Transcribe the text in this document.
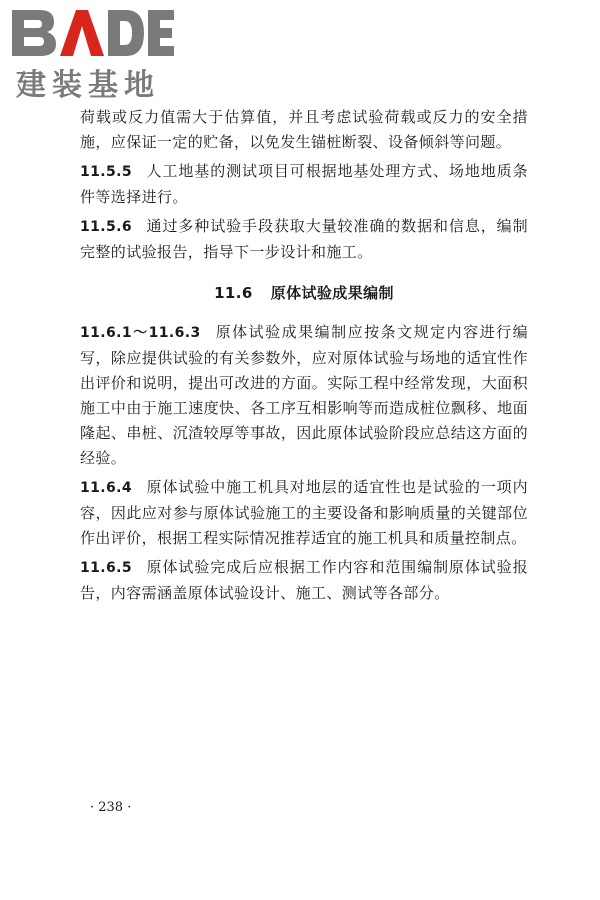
建装基地

荷载或反力值需大于估算值，并且考虑试验荷载或反力的安全措施，应保证一定的贮备，以免发生锚桩断裂、设备倾斜等问题。

11.5.5 人工地基的测试项目可根据地基处理方式、场地地质条件等选择进行。

11.5.6 通过多种试验手段获取大量较准确的数据和信息，编制完整的试验报告，指导下一步设计和施工。

11.6 原体试验成果编制

11.6.1～11.6.3 原体试验成果编制应按条文规定内容进行编写，除应提供试验的有关参数外，应对原体试验与场地的适宜性作出评价和说明，提出可改进的方面。实际工程中经常发现，大面积施工中由于施工速度快、各工序互相影响等而造成桩位飘移、地面隆起、串桩、沉渣较厚等事故，因此原体试验阶段应总结这方面的经验。

11.6.4 原体试验中施工机具对地层的适宜性也是试验的一项内容，因此应对参与原体试验施工的主要设备和影响质量的关键部位作出评价，根据工程实际情况推荐适宜的施工机具和质量控制点。

11.6.5 原体试验完成后应根据工作内容和范围编制原体试验报告，内容需涵盖原体试验设计、施工、测试等各部分。

· 238 ·
